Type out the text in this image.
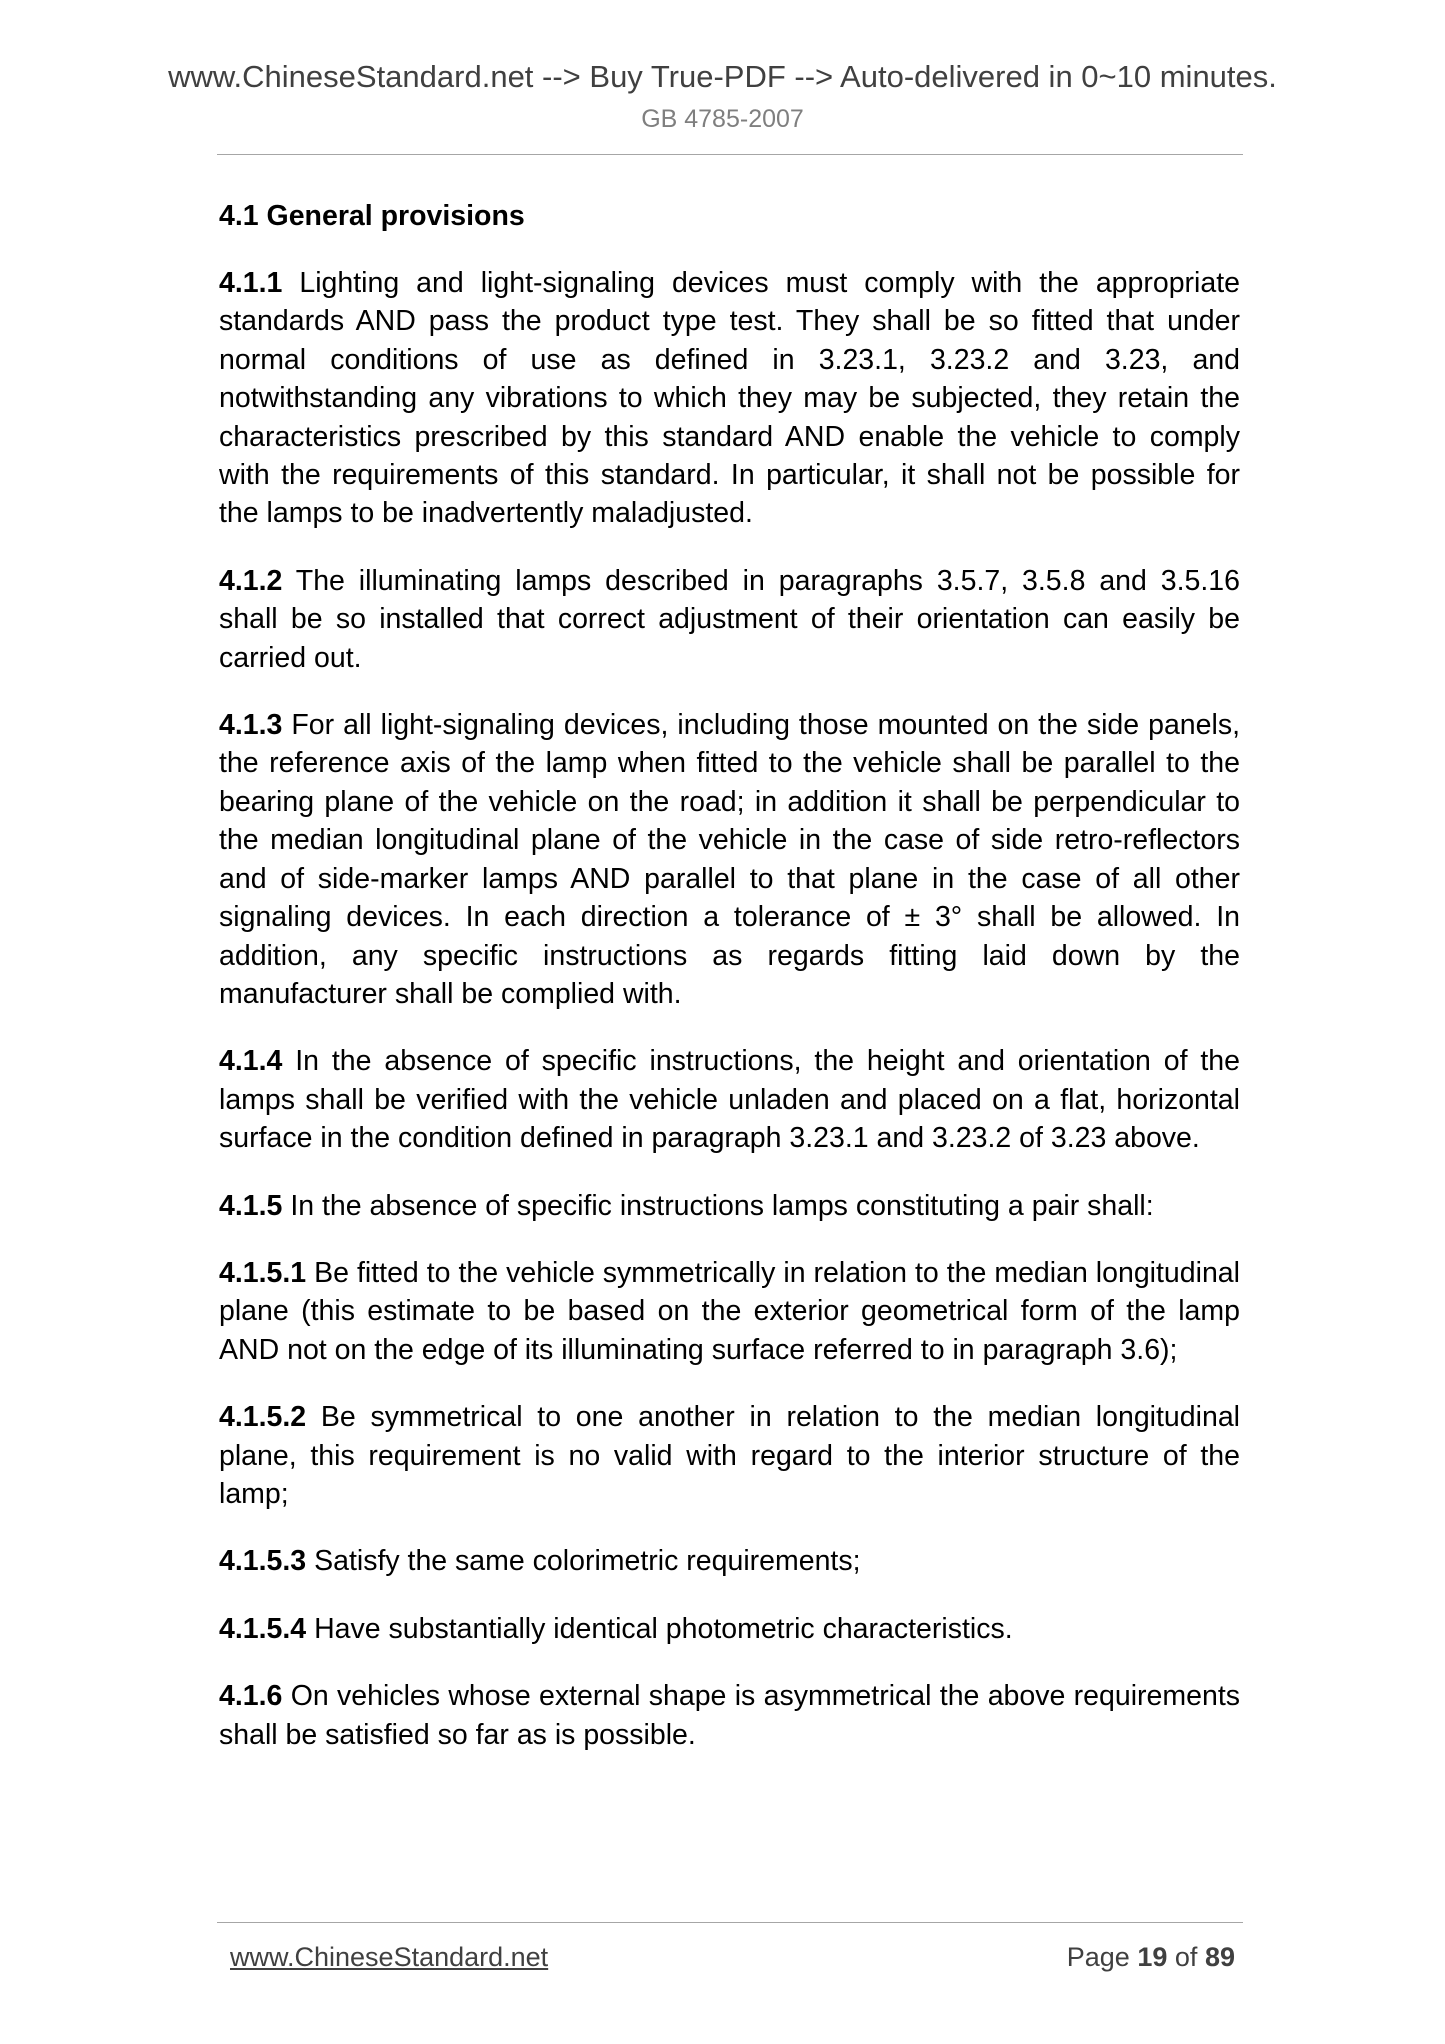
www.ChineseStandard.net --> Buy True-PDF --> Auto-delivered in 0~10 minutes.
GB 4785-2007
4.1 General provisions

4.1.1 Lighting and light-signaling devices must comply with the appropriate standards AND pass the product type test. They shall be so fitted that under normal conditions of use as defined in 3.23.1, 3.23.2 and 3.23, and notwithstanding any vibrations to which they may be subjected, they retain the characteristics prescribed by this standard AND enable the vehicle to comply with the requirements of this standard. In particular, it shall not be possible for the lamps to be inadvertently maladjusted.

4.1.2 The illuminating lamps described in paragraphs 3.5.7, 3.5.8 and 3.5.16 shall be so installed that correct adjustment of their orientation can easily be carried out.

4.1.3 For all light-signaling devices, including those mounted on the side panels, the reference axis of the lamp when fitted to the vehicle shall be parallel to the bearing plane of the vehicle on the road; in addition it shall be perpendicular to the median longitudinal plane of the vehicle in the case of side retro-reflectors and of side-marker lamps AND parallel to that plane in the case of all other signaling devices. In each direction a tolerance of ± 3° shall be allowed. In addition, any specific instructions as regards fitting laid down by the manufacturer shall be complied with.

4.1.4 In the absence of specific instructions, the height and orientation of the lamps shall be verified with the vehicle unladen and placed on a flat, horizontal surface in the condition defined in paragraph 3.23.1 and 3.23.2 of 3.23 above.

4.1.5 In the absence of specific instructions lamps constituting a pair shall:

4.1.5.1 Be fitted to the vehicle symmetrically in relation to the median longitudinal plane (this estimate to be based on the exterior geometrical form of the lamp AND not on the edge of its illuminating surface referred to in paragraph 3.6);

4.1.5.2 Be symmetrical to one another in relation to the median longitudinal plane, this requirement is no valid with regard to the interior structure of the lamp;

4.1.5.3 Satisfy the same colorimetric requirements;

4.1.5.4 Have substantially identical photometric characteristics.

4.1.6 On vehicles whose external shape is asymmetrical the above requirements shall be satisfied so far as is possible.

www.ChineseStandard.net	Page 19 of 89
